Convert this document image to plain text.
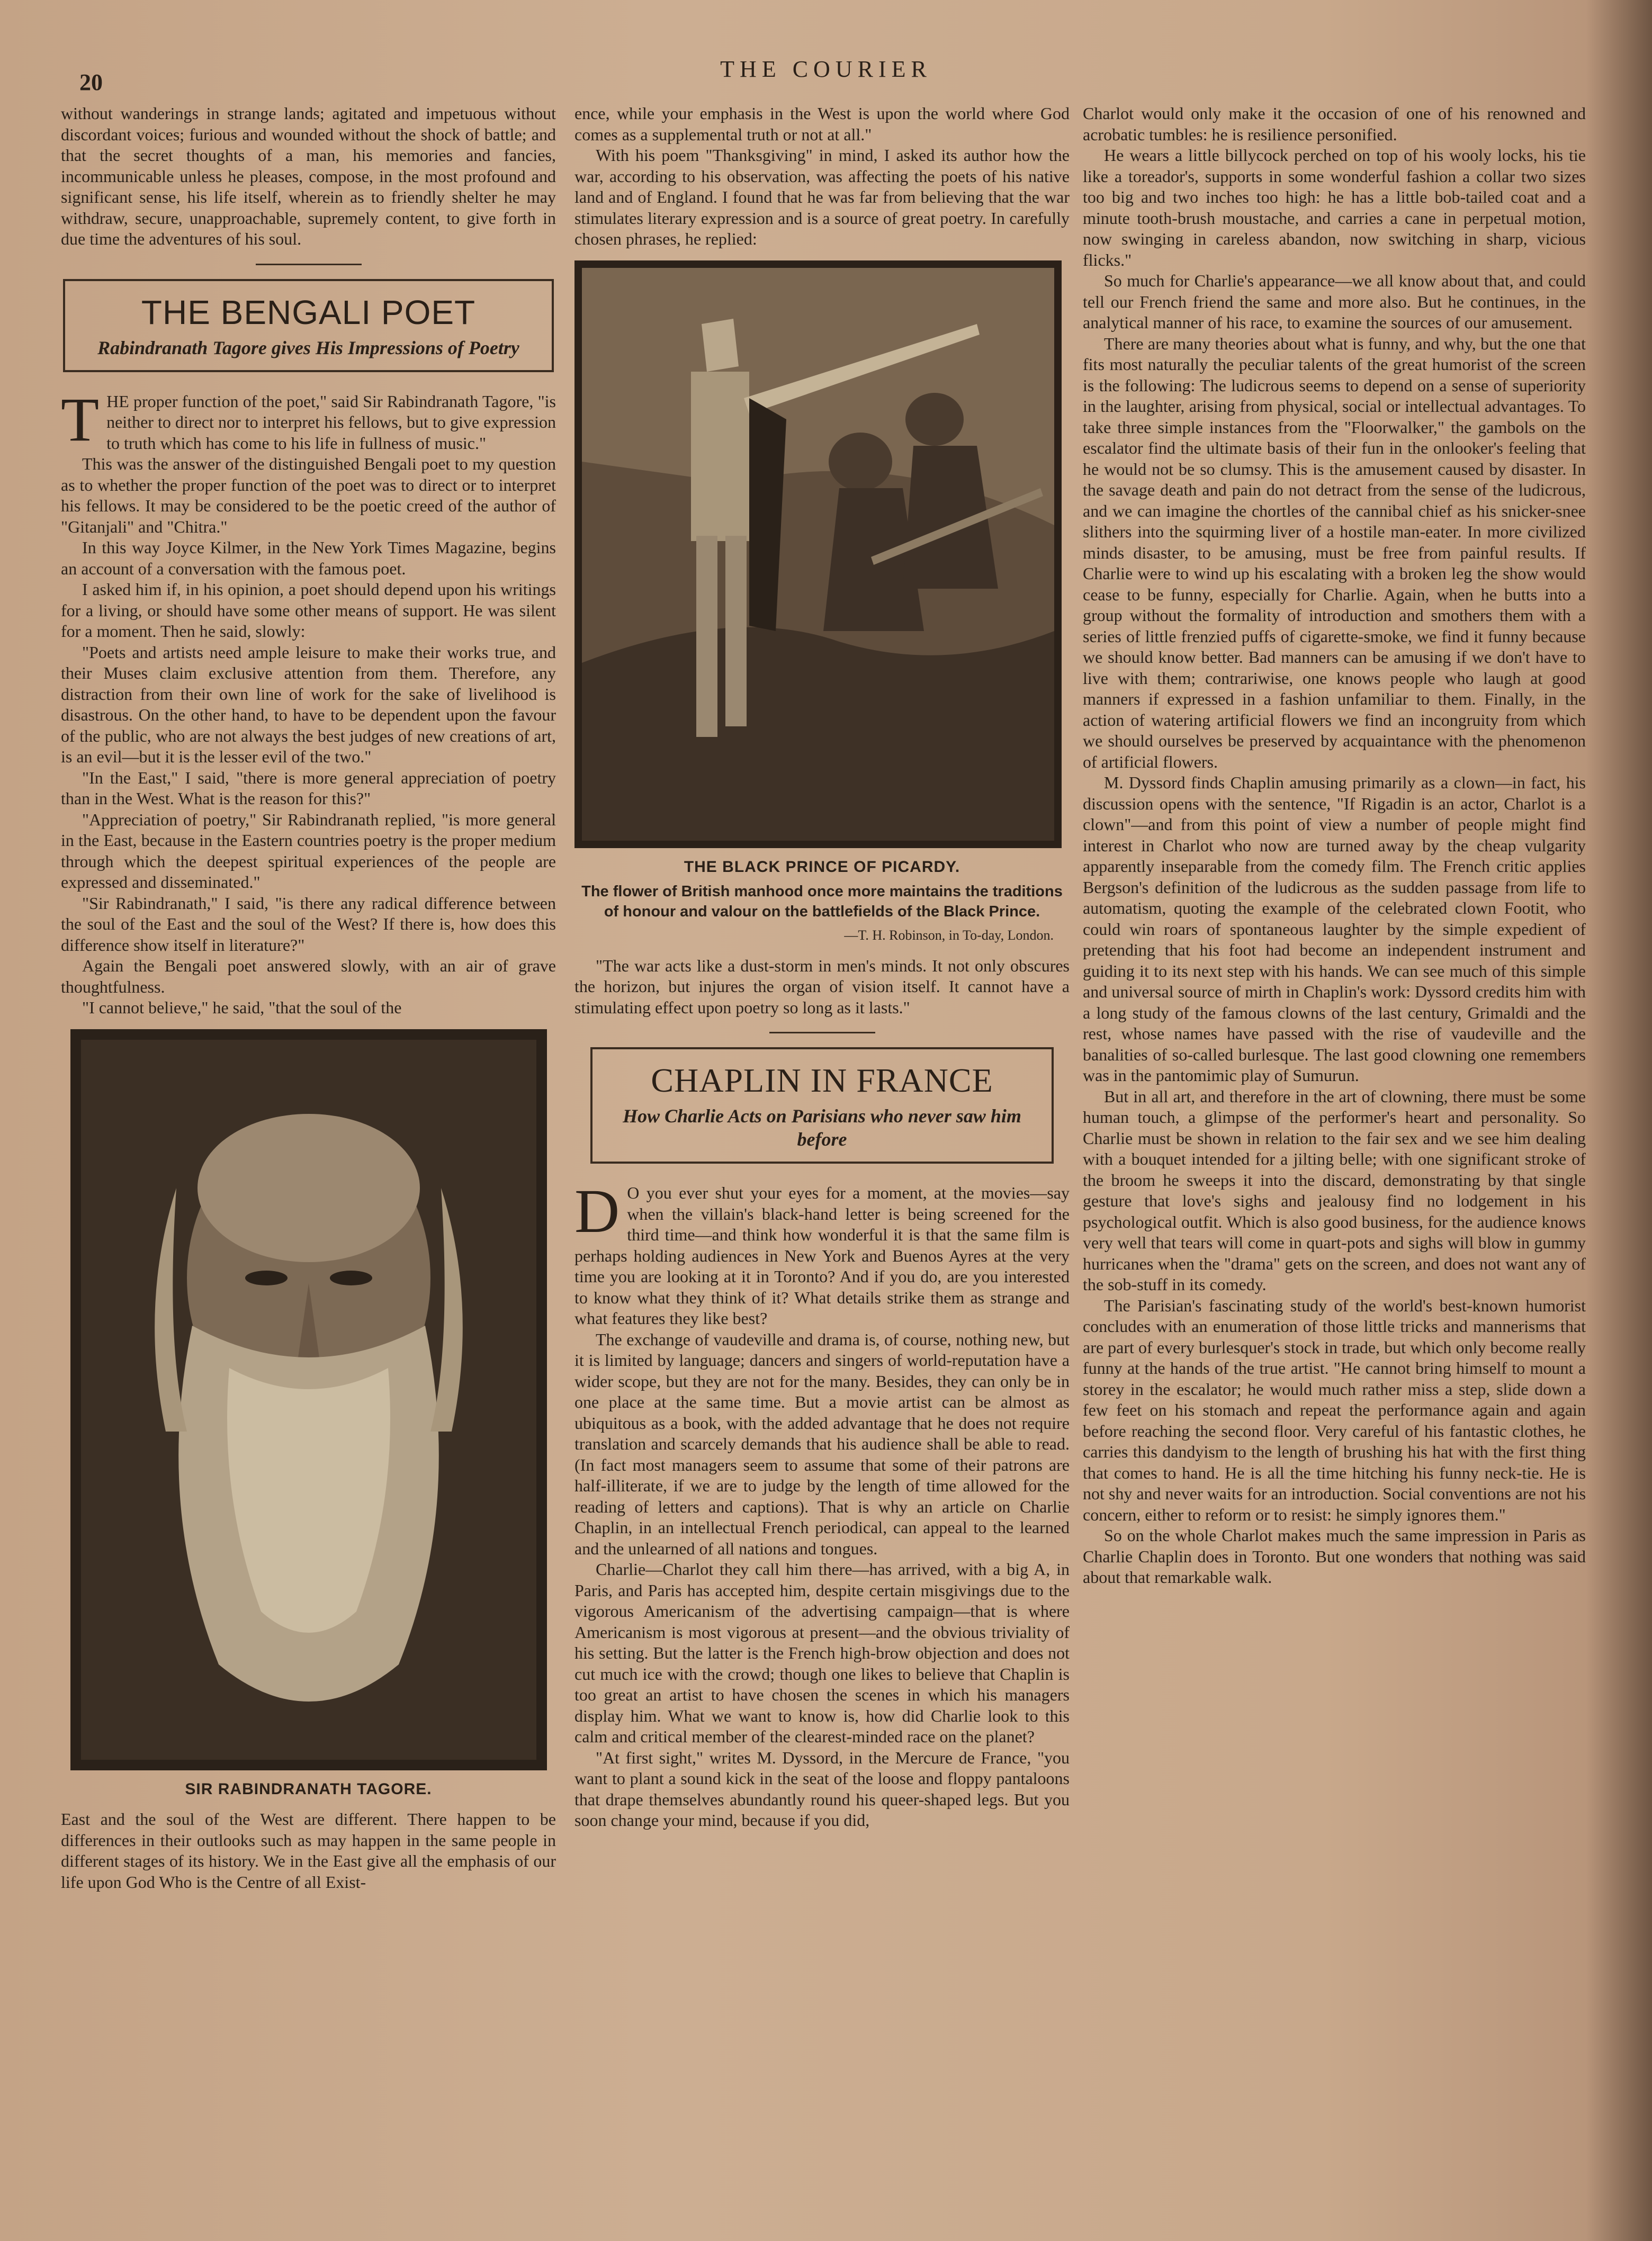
20
THE COURIER

without wanderings in strange lands; agitated and impetuous without discordant voices; furious and wounded without the shock of battle; and that the secret thoughts of a man, his memories and fancies, incommunicable unless he pleases, compose, in the most profound and significant sense, his life itself, wherein as to friendly shelter he may withdraw, secure, unapproachable, supremely content, to give forth in due time the adventures of his soul.

THE BENGALI POET

Rabindranath Tagore gives His Impressions of Poetry

THE proper function of the poet," said Sir Rabindranath Tagore, "is neither to direct nor to interpret his fellows, but to give expression to truth which has come to his life in fullness of music."

This was the answer of the distinguished Bengali poet to my question as to whether the proper function of the poet was to direct or to interpret his fellows. It may be considered to be the poetic creed of the author of "Gitanjali" and "Chitra."

In this way Joyce Kilmer, in the New York Times Magazine, begins an account of a conversation with the famous poet.

I asked him if, in his opinion, a poet should depend upon his writings for a living, or should have some other means of support. He was silent for a moment. Then he said, slowly:

"Poets and artists need ample leisure to make their works true, and their Muses claim exclusive attention from them. Therefore, any distraction from their own line of work for the sake of livelihood is disastrous. On the other hand, to have to be dependent upon the favour of the public, who are not always the best judges of new creations of art, is an evil—but it is the lesser evil of the two."

"In the East," I said, "there is more general appreciation of poetry than in the West. What is the reason for this?"

"Appreciation of poetry," Sir Rabindranath replied, "is more general in the East, because in the Eastern countries poetry is the proper medium through which the deepest spiritual experiences of the people are expressed and disseminated."

"Sir Rabindranath," I said, "is there any radical difference between the soul of the East and the soul of the West? If there is, how does this difference show itself in literature?"

Again the Bengali poet answered slowly, with an air of grave thoughtfulness.

"I cannot believe," he said, "that the soul of the

SIR RABINDRANATH TAGORE.

East and the soul of the West are different. There happen to be differences in their outlooks such as may happen in the same people in different stages of its history. We in the East give all the emphasis of our life upon God Who is the Centre of all Exist-

ence, while your emphasis in the West is upon the world where God comes as a supplemental truth or not at all."

With his poem "Thanksgiving" in mind, I asked its author how the war, according to his observation, was affecting the poets of his native land and of England. I found that he was far from believing that the war stimulates literary expression and is a source of great poetry. In carefully chosen phrases, he replied:

THE BLACK PRINCE OF PICARDY.
The flower of British manhood once more maintains the traditions of honour and valour on the battlefields of the Black Prince.
—T. H. Robinson, in To-day, London.

"The war acts like a dust-storm in men's minds. It not only obscures the horizon, but injures the organ of vision itself. It cannot have a stimulating effect upon poetry so long as it lasts."

CHAPLIN IN FRANCE

How Charlie Acts on Parisians who never saw him before

D O you ever shut your eyes for a moment, at the movies—say when the villain's black-hand letter is being screened for the third time—and think how wonderful it is that the same film is perhaps holding audiences in New York and Buenos Ayres at the very time you are looking at it in Toronto? And if you do, are you interested to know what they think of it? What details strike them as strange and what features they like best?

The exchange of vaudeville and drama is, of course, nothing new, but it is limited by language; dancers and singers of world-reputation have a wider scope, but they are not for the many. Besides, they can only be in one place at the same time. But a movie artist can be almost as ubiquitous as a book, with the added advantage that he does not require translation and scarcely demands that his audience shall be able to read. (In fact most managers seem to assume that some of their patrons are half-illiterate, if we are to judge by the length of time allowed for the reading of letters and captions). That is why an article on Charlie Chaplin, in an intellectual French periodical, can appeal to the learned and the unlearned of all nations and tongues.

Charlie—Charlot they call him there—has arrived, with a big A, in Paris, and Paris has accepted him, despite certain misgivings due to the vigorous Americanism of the advertising campaign—that is where Americanism is most vigorous at present—and the obvious triviality of his setting. But the latter is the French high-brow objection and does not cut much ice with the crowd; though one likes to believe that Chaplin is too great an artist to have chosen the scenes in which his managers display him. What we want to know is, how did Charlie look to this calm and critical member of the clearest-minded race on the planet?

"At first sight," writes M. Dyssord, in the Mercure de France, "you want to plant a sound kick in the seat of the loose and floppy pantaloons that drape themselves abundantly round his queer-shaped legs. But you soon change your mind, because if you did,

Charlot would only make it the occasion of one of his renowned and acrobatic tumbles: he is resilience personified.

He wears a little billycock perched on top of his wooly locks, his tie like a toreador's, supports in some wonderful fashion a collar two sizes too big and two inches too high: he has a little bob-tailed coat and a minute tooth-brush moustache, and carries a cane in perpetual motion, now swinging in careless abandon, now switching in sharp, vicious flicks."

So much for Charlie's appearance—we all know about that, and could tell our French friend the same and more also. But he continues, in the analytical manner of his race, to examine the sources of our amusement.

There are many theories about what is funny, and why, but the one that fits most naturally the peculiar talents of the great humorist of the screen is the following: The ludicrous seems to depend on a sense of superiority in the laughter, arising from physical, social or intellectual advantages. To take three simple instances from the "Floorwalker," the gambols on the escalator find the ultimate basis of their fun in the onlooker's feeling that he would not be so clumsy. This is the amusement caused by disaster. In the savage death and pain do not detract from the sense of the ludicrous, and we can imagine the chortles of the cannibal chief as his snicker-snee slithers into the squirming liver of a hostile man-eater. In more civilized minds disaster, to be amusing, must be free from painful results. If Charlie were to wind up his escalating with a broken leg the show would cease to be funny, especially for Charlie. Again, when he butts into a group without the formality of introduction and smothers them with a series of little frenzied puffs of cigarette-smoke, we find it funny because we should know better. Bad manners can be amusing if we don't have to live with them; contrariwise, one knows people who laugh at good manners if expressed in a fashion unfamiliar to them. Finally, in the action of watering artificial flowers we find an incongruity from which we should ourselves be preserved by acquaintance with the phenomenon of artificial flowers.

M. Dyssord finds Chaplin amusing primarily as a clown—in fact, his discussion opens with the sentence, "If Rigadin is an actor, Charlot is a clown"—and from this point of view a number of people might find interest in Charlot who now are turned away by the cheap vulgarity apparently inseparable from the comedy film. The French critic applies Bergson's definition of the ludicrous as the sudden passage from life to automatism, quoting the example of the celebrated clown Footit, who could win roars of spontaneous laughter by the simple expedient of pretending that his foot had become an independent instrument and guiding it to its next step with his hands. We can see much of this simple and universal source of mirth in Chaplin's work: Dyssord credits him with a long study of the famous clowns of the last century, Grimaldi and the rest, whose names have passed with the rise of vaudeville and the banalities of so-called burlesque. The last good clowning one remembers was in the pantomimic play of Sumurun.

But in all art, and therefore in the art of clowning, there must be some human touch, a glimpse of the performer's heart and personality. So Charlie must be shown in relation to the fair sex and we see him dealing with a bouquet intended for a jilting belle; with one significant stroke of the broom he sweeps it into the discard, demonstrating by that single gesture that love's sighs and jealousy find no lodgement in his psychological outfit. Which is also good business, for the audience knows very well that tears will come in quart-pots and sighs will blow in gummy hurricanes when the "drama" gets on the screen, and does not want any of the sob-stuff in its comedy.

The Parisian's fascinating study of the world's best-known humorist concludes with an enumeration of those little tricks and mannerisms that are part of every burlesquer's stock in trade, but which only become really funny at the hands of the true artist. "He cannot bring himself to mount a storey in the escalator; he would much rather miss a step, slide down a few feet on his stomach and repeat the performance again and again before reaching the second floor. Very careful of his fantastic clothes, he carries this dandyism to the length of brushing his hat with the first thing that comes to hand. He is all the time hitching his funny neck-tie. He is not shy and never waits for an introduction. Social conventions are not his concern, either to reform or to resist: he simply ignores them."

So on the whole Charlot makes much the same impression in Paris as Charlie Chaplin does in Toronto. But one wonders that nothing was said about that remarkable walk.
